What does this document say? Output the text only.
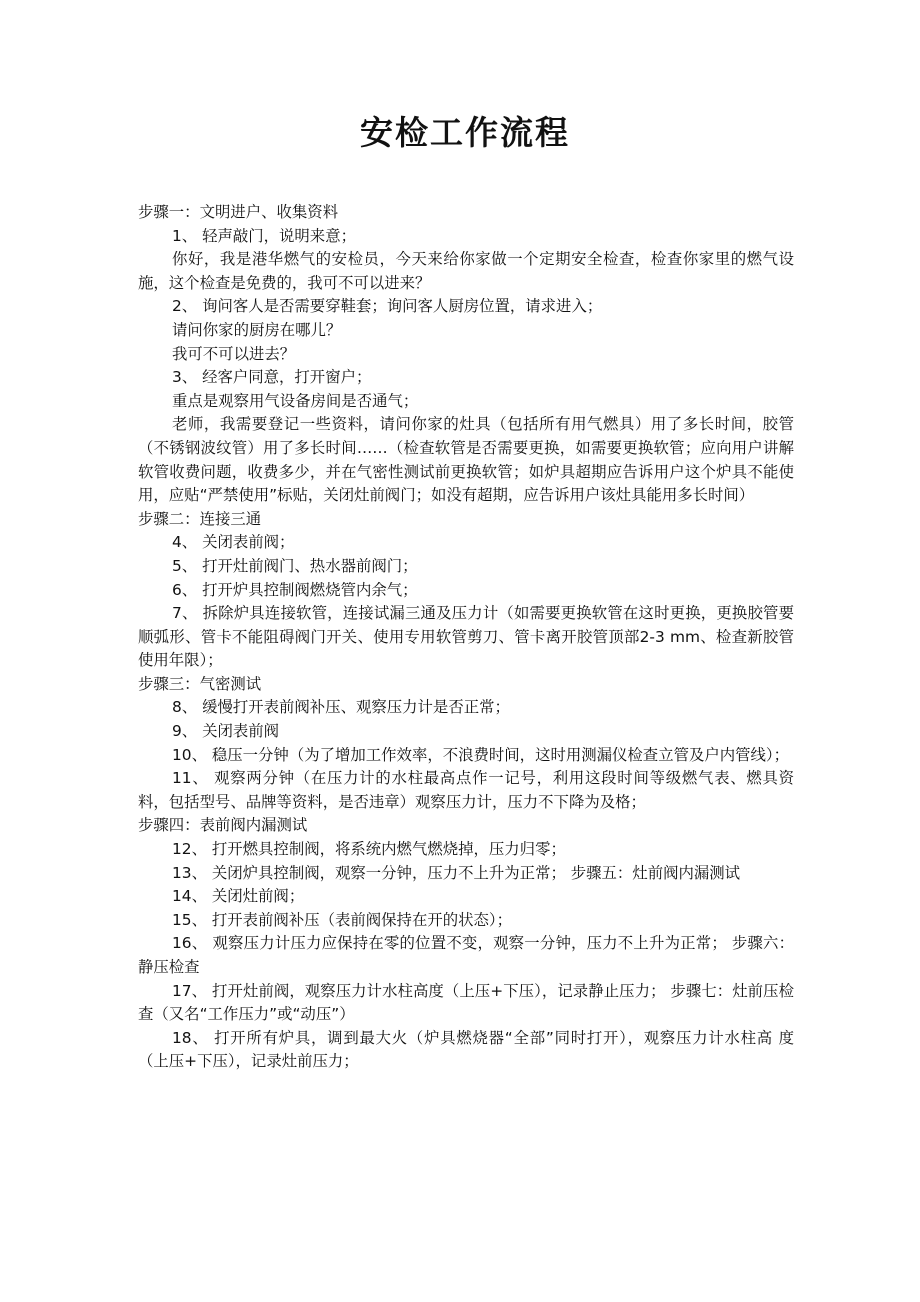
安检工作流程

步骤一：文明进户、收集资料

1、 轻声敲门，说明来意；

你好，我是港华燃气的安检员，今天来给你家做一个定期安全检查，检查你家里的燃气设施，这个检查是免费的，我可不可以进来？

2、 询问客人是否需要穿鞋套；询问客人厨房位置，请求进入；

请问你家的厨房在哪儿？

我可不可以进去？

3、 经客户同意，打开窗户；

重点是观察用气设备房间是否通气；

老师，我需要登记一些资料，请问你家的灶具（包括所有用气燃具）用了多长时间，胶管（不锈钢波纹管）用了多长时间……（检查软管是否需要更换，如需要更换软管；应向用户讲解软管收费问题，收费多少，并在气密性测试前更换软管；如炉具超期应告诉用户这个炉具不能使用，应贴“严禁使用”标贴，关闭灶前阀门；如没有超期，应告诉用户该灶具能用多长时间）

步骤二：连接三通

4、 关闭表前阀；

5、 打开灶前阀门、热水器前阀门；

6、 打开炉具控制阀燃烧管内余气；

7、 拆除炉具连接软管，连接试漏三通及压力计（如需要更换软管在这时更换，更换胶管要顺弧形、管卡不能阻碍阀门开关、使用专用软管剪刀、管卡离开胶管顶部2-3 mm、检查新胶管使用年限）；

步骤三：气密测试

8、 缓慢打开表前阀补压、观察压力计是否正常；

9、 关闭表前阀

10、 稳压一分钟（为了增加工作效率，不浪费时间，这时用测漏仪检查立管及户内管线）；

11、 观察两分钟（在压力计的水柱最高点作一记号，利用这段时间等级燃气表、燃具资 料，包括型号、品牌等资料，是否违章）观察压力计，压力不下降为及格；

步骤四：表前阀内漏测试

12、 打开燃具控制阀，将系统内燃气燃烧掉，压力归零；

13、 关闭炉具控制阀，观察一分钟，压力不上升为正常； 步骤五：灶前阀内漏测试

14、 关闭灶前阀；

15、 打开表前阀补压（表前阀保持在开的状态）；

16、 观察压力计压力应保持在零的位置不变，观察一分钟，压力不上升为正常； 步骤六：静压检查

17、 打开灶前阀，观察压力计水柱高度（上压+下压），记录静止压力； 步骤七：灶前压检查（又名“工作压力”或“动压”）

18、 打开所有炉具，调到最大火（炉具燃烧器“全部”同时打开），观察压力计水柱高 度（上压+下压），记录灶前压力；
